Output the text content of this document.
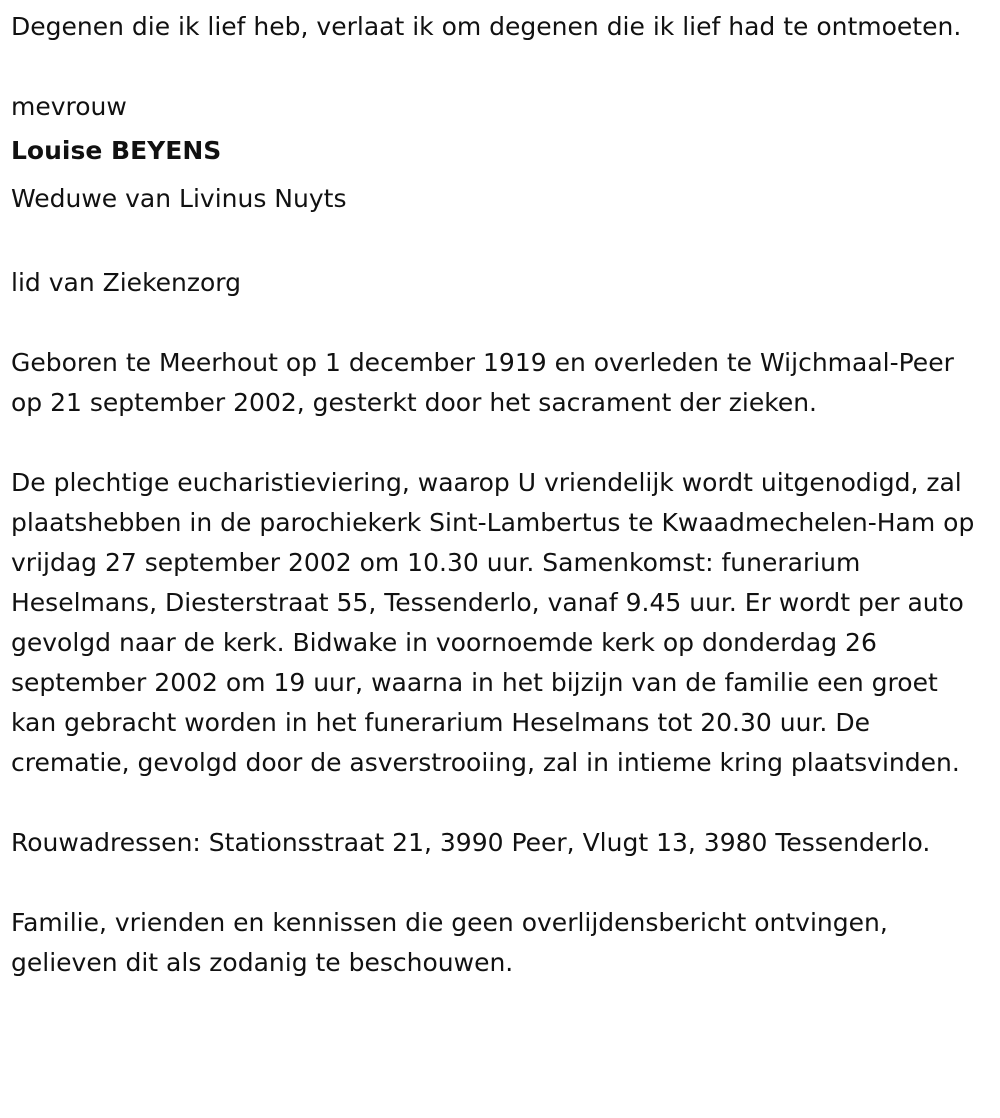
Degenen die ik lief heb, verlaat ik om degenen die ik lief had te ontmoeten.

mevrouw

Louise BEYENS

Weduwe van Livinus Nuyts

lid van Ziekenzorg

Geboren te Meerhout op 1 december 1919 en overleden te Wijchmaal-Peer op 21 september 2002, gesterkt door het sacrament der zieken.

De plechtige eucharistieviering, waarop U vriendelijk wordt uitgenodigd, zal plaatshebben in de parochiekerk Sint-Lambertus te Kwaadmechelen-Ham op vrijdag 27 september 2002 om 10.30 uur. Samenkomst: funerarium Heselmans, Diesterstraat 55, Tessenderlo, vanaf 9.45 uur. Er wordt per auto gevolgd naar de kerk. Bidwake in voornoemde kerk op donderdag 26 september 2002 om 19 uur, waarna in het bijzijn van de familie een groet kan gebracht worden in het funerarium Heselmans tot 20.30 uur. De crematie, gevolgd door de asverstrooiing, zal in intieme kring plaatsvinden.

Rouwadressen: Stationsstraat 21, 3990 Peer, Vlugt 13, 3980 Tessenderlo.

Familie, vrienden en kennissen die geen overlijdensbericht ontvingen, gelieven dit als zodanig te beschouwen.
